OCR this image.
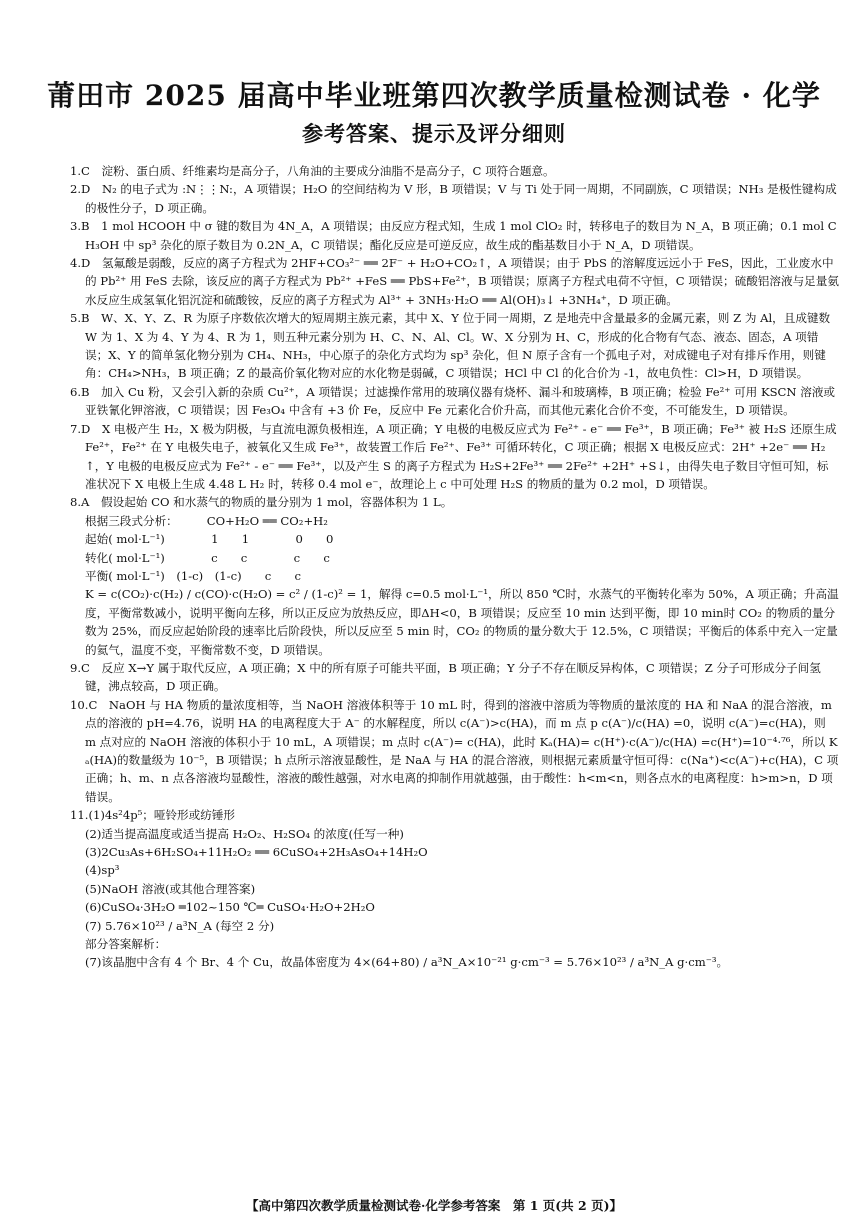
莆田市 2025 届高中毕业班第四次教学质量检测试卷 · 化学
参考答案、提示及评分细则

1.C　淀粉、蛋白质、纤维素均是高分子，八角油的主要成分油脂不是高分子，C 项符合题意。

2.D　N₂ 的电子式为 :N⋮⋮N:，A 项错误；H₂O 的空间结构为 V 形，B 项错误；V 与 Ti 处于同一周期，不同副族，C 项错误；NH₃ 是极性键构成的极性分子，D 项正确。

3.B　1 mol HCOOH 中 σ 键的数目为 4N_A，A 项错误；由反应方程式知，生成 1 mol ClO₂ 时，转移电子的数目为 N_A，B 项正确；0.1 mol CH₃OH 中 sp³ 杂化的原子数目为 0.2N_A，C 项错误；酯化反应是可逆反应，故生成的酯基数目小于 N_A，D 项错误。

4.D　氢氟酸是弱酸，反应的离子方程式为 2HF+CO₃²⁻ ══ 2F⁻ + H₂O+CO₂↑，A 项错误；由于 PbS 的溶解度远远小于 FeS，因此，工业废水中的 Pb²⁺ 用 FeS 去除，该反应的离子方程式为 Pb²⁺ +FeS ══ PbS+Fe²⁺，B 项错误；原离子方程式电荷不守恒，C 项错误；硫酸铝溶液与足量氨水反应生成氢氧化铝沉淀和硫酸铵，反应的离子方程式为 Al³⁺ + 3NH₃·H₂O ══ Al(OH)₃↓ +3NH₄⁺，D 项正确。

5.B　W、X、Y、Z、R 为原子序数依次增大的短周期主族元素，其中 X、Y 位于同一周期，Z 是地壳中含量最多的金属元素，则 Z 为 Al，且成键数 W 为 1、X 为 4、Y 为 4、R 为 1，则五种元素分别为 H、C、N、Al、Cl。W、X 分别为 H、C，形成的化合物有气态、液态、固态，A 项错误；X、Y 的简单氢化物分别为 CH₄、NH₃，中心原子的杂化方式均为 sp³ 杂化，但 N 原子含有一个孤电子对，对成键电子对有排斥作用，则键角：CH₄>NH₃，B 项正确；Z 的最高价氧化物对应的水化物是弱碱，C 项错误；HCl 中 Cl 的化合价为 -1，故电负性：Cl>H，D 项错误。

6.B　加入 Cu 粉，又会引入新的杂质 Cu²⁺，A 项错误；过滤操作常用的玻璃仪器有烧杯、漏斗和玻璃棒，B 项正确；检验 Fe²⁺ 可用 KSCN 溶液或亚铁氰化钾溶液，C 项错误；因 Fe₃O₄ 中含有 +3 价 Fe，反应中 Fe 元素化合价升高，而其他元素化合价不变，不可能发生，D 项错误。

7.D　X 电极产生 H₂，X 极为阴极，与直流电源负极相连，A 项正确；Y 电极的电极反应式为 Fe²⁺ - e⁻ ══ Fe³⁺，B 项正确；Fe³⁺ 被 H₂S 还原生成 Fe²⁺，Fe²⁺ 在 Y 电极失电子，被氧化又生成 Fe³⁺，故装置工作后 Fe²⁺、Fe³⁺ 可循环转化，C 项正确；根据 X 电极反应式：2H⁺ +2e⁻ ══ H₂↑，Y 电极的电极反应式为 Fe²⁺ - e⁻ ══ Fe³⁺，以及产生 S 的离子方程式为 H₂S+2Fe³⁺ ══ 2Fe²⁺ +2H⁺ +S↓，由得失电子数目守恒可知，标准状况下 X 电极上生成 4.48 L H₂ 时，转移 0.4 mol e⁻，故理论上 c 中可处理 H₂S 的物质的量为 0.2 mol，D 项错误。

8.A　假设起始 CO 和水蒸气的物质的量分别为 1 mol，容器体积为 1 L。

根据三段式分析：　　　CO+H₂O ══ CO₂+H₂

起始( mol·L⁻¹)　　　　1　　1　　　　0　　0

转化( mol·L⁻¹)　　　　c　　c　　　　c　　c

平衡( mol·L⁻¹)　(1-c)　(1-c)　　c　　c

K = c(CO₂)·c(H₂) / c(CO)·c(H₂O) = c² / (1-c)² = 1，解得 c=0.5 mol·L⁻¹，所以 850 ℃时，水蒸气的平衡转化率为 50%，A 项正确；升高温度，平衡常数减小，说明平衡向左移，所以正反应为放热反应，即ΔH<0，B 项错误；反应至 10 min 达到平衡，即 10 min时 CO₂ 的物质的量分数为 25%，而反应起始阶段的速率比后阶段快，所以反应至 5 min 时，CO₂ 的物质的量分数大于 12.5%，C 项错误；平衡后的体系中充入一定量的氦气，温度不变，平衡常数不变，D 项错误。

9.C　反应 X→Y 属于取代反应，A 项正确；X 中的所有原子可能共平面，B 项正确；Y 分子不存在顺反异构体，C 项错误；Z 分子可形成分子间氢键，沸点较高，D 项正确。

10.C　NaOH 与 HA 物质的量浓度相等，当 NaOH 溶液体积等于 10 mL 时，得到的溶液中溶质为等物质的量浓度的 HA 和 NaA 的混合溶液，m 点的溶液的 pH=4.76，说明 HA 的电离程度大于 A⁻ 的水解程度，所以 c(A⁻)>c(HA)，而 m 点 p c(A⁻)/c(HA) =0，说明 c(A⁻)=c(HA)，则 m 点对应的 NaOH 溶液的体积小于 10 mL，A 项错误；m 点时 c(A⁻)= c(HA)，此时 Kₐ(HA)= c(H⁺)·c(A⁻)/c(HA) =c(H⁺)=10⁻⁴·⁷⁶，所以 Kₐ(HA)的数量级为 10⁻⁵，B 项错误；h 点所示溶液显酸性，是 NaA 与 HA 的混合溶液，则根据元素质量守恒可得：c(Na⁺)<c(A⁻)+c(HA)，C 项正确；h、m、n 点各溶液均显酸性，溶液的酸性越强，对水电离的抑制作用就越强，由于酸性：h<m<n，则各点水的电离程度：h>m>n，D 项错误。

11.(1)4s²4p⁵；哑铃形或纺锤形

(2)适当提高温度或适当提高 H₂O₂、H₂SO₄ 的浓度(任写一种)

(3)2Cu₃As+6H₂SO₄+11H₂O₂ ══ 6CuSO₄+2H₃AsO₄+14H₂O

(4)sp³

(5)NaOH 溶液(或其他合理答案)

(6)CuSO₄·3H₂O ═102~150 ℃═ CuSO₄·H₂O+2H₂O

(7) 5.76×10²³ / a³N_A (每空 2 分)

部分答案解析：

(7)该晶胞中含有 4 个 Br、4 个 Cu，故晶体密度为 4×(64+80) / a³N_A×10⁻²¹ g·cm⁻³ = 5.76×10²³ / a³N_A g·cm⁻³。

【高中第四次教学质量检测试卷·化学参考答案　第 1 页(共 2 页)】
